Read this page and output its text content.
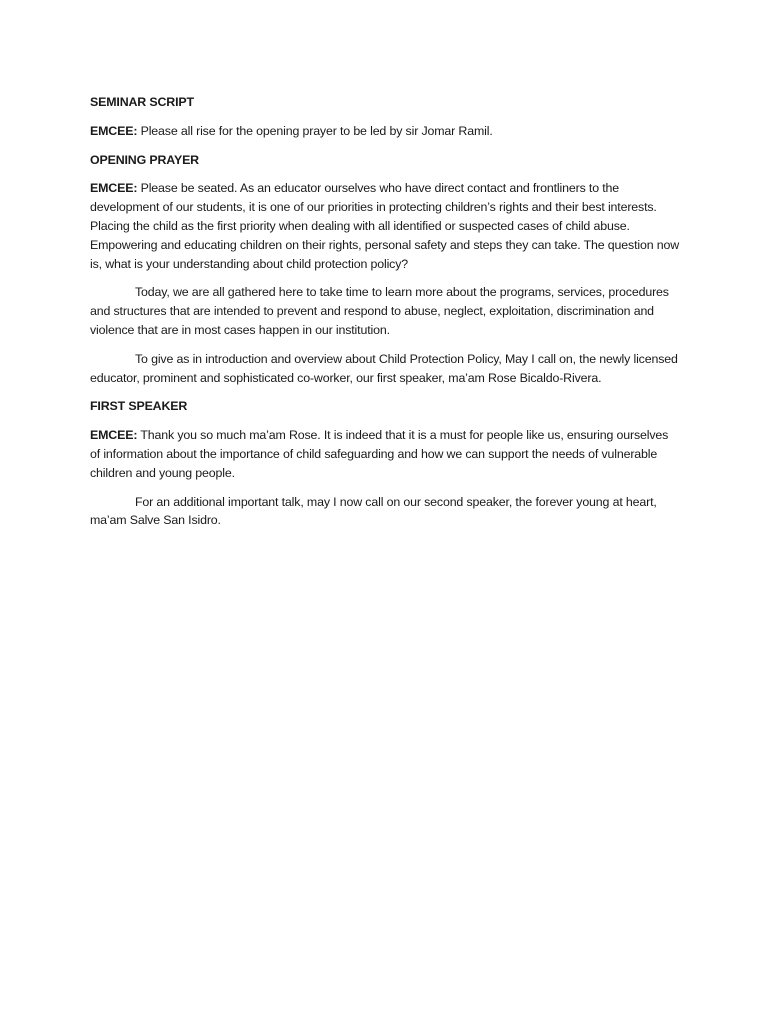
SEMINAR SCRIPT

EMCEE: Please all rise for the opening prayer to be led by sir Jomar Ramil.

OPENING PRAYER

EMCEE: Please be seated. As an educator ourselves who have direct contact and frontliners to the development of our students, it is one of our priorities in protecting children’s rights and their best interests. Placing the child as the first priority when dealing with all identified or suspected cases of child abuse. Empowering and educating children on their rights, personal safety and steps they can take. The question now is, what is your understanding about child protection policy?

Today, we are all gathered here to take time to learn more about the programs, services, procedures and structures that are intended to prevent and respond to abuse, neglect, exploitation, discrimination and violence that are in most cases happen in our institution.

To give as in introduction and overview about Child Protection Policy, May I call on, the newly licensed educator, prominent and sophisticated co-worker, our first speaker, ma’am Rose Bicaldo-Rivera.

FIRST SPEAKER

EMCEE: Thank you so much ma’am Rose. It is indeed that it is a must for people like us, ensuring ourselves of information about the importance of child safeguarding and how we can support the needs of vulnerable children and young people.

For an additional important talk, may I now call on our second speaker, the forever young at heart, ma’am Salve San Isidro.
